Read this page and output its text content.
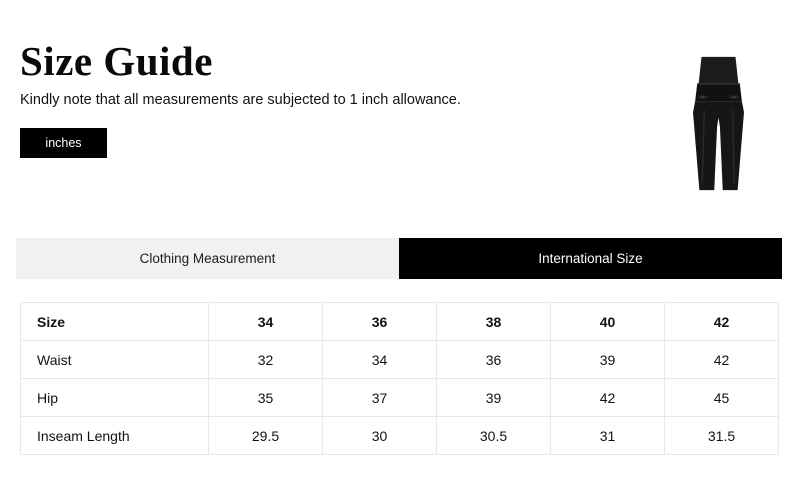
Size Guide
Kindly note that all measurements are subjected to 1 inch allowance.
inches
Clothing Measurement	International Size
Size	34	36	38	40	42
Waist	32	34	36	39	42
Hip	35	37	39	42	45
Inseam Length	29.5	30	30.5	31	31.5
